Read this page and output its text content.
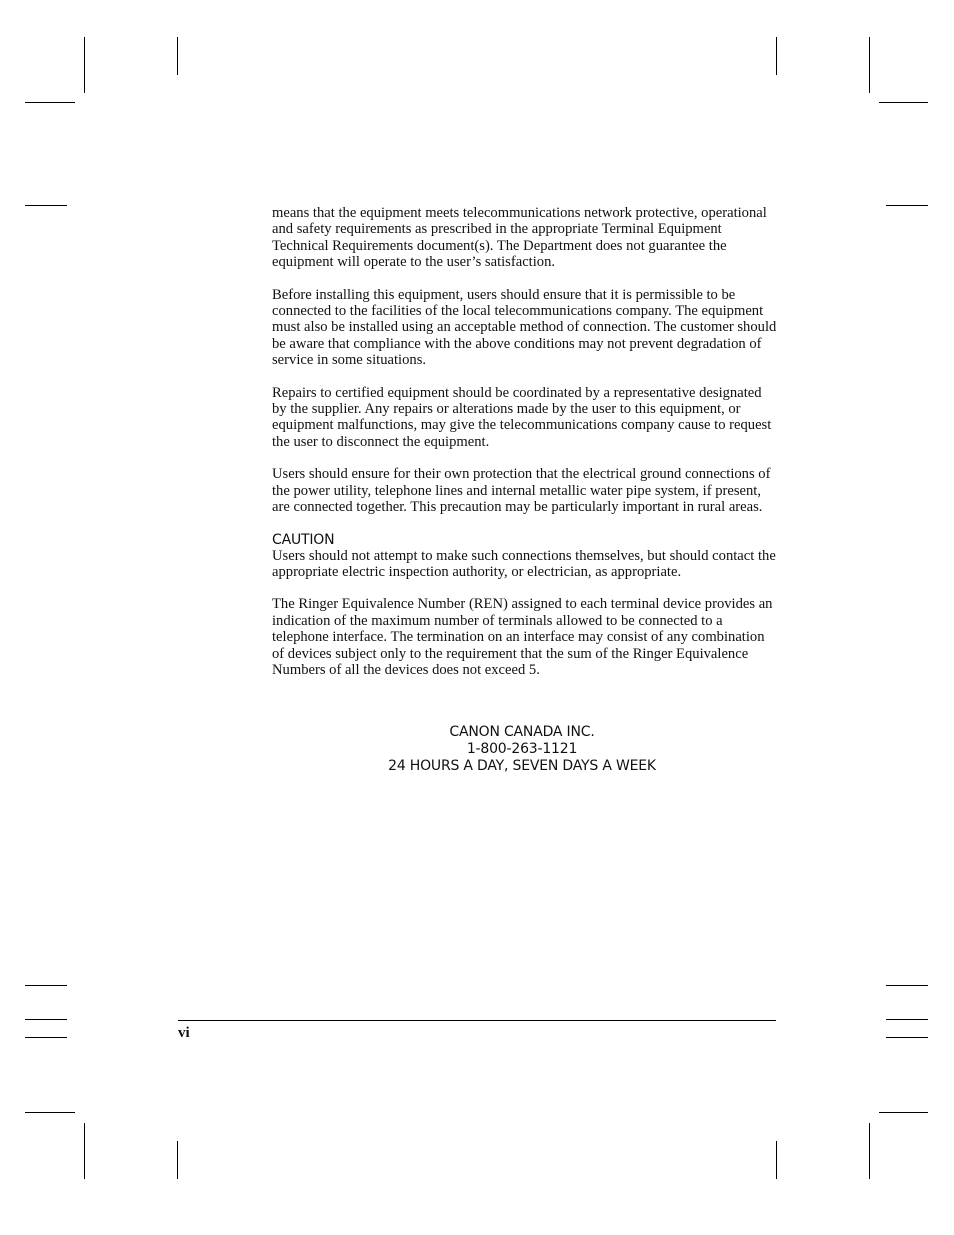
means that the equipment meets telecommunications network protective, operational and safety requirements as prescribed in the appropriate Terminal Equipment Technical Requirements document(s). The Department does not guarantee the equipment will operate to the user’s satisfaction.

Before installing this equipment, users should ensure that it is permissible to be connected to the facilities of the local telecommunications company. The equipment must also be installed using an acceptable method of connection. The customer should be aware that compliance with the above conditions may not prevent degradation of service in some situations.

Repairs to certified equipment should be coordinated by a representative designated by the supplier. Any repairs or alterations made by the user to this equipment, or equipment malfunctions, may give the telecommunications company cause to request the user to disconnect the equipment.

Users should ensure for their own protection that the electrical ground connections of the power utility, telephone lines and internal metallic water pipe system, if present, are connected together. This precaution may be particularly important in rural areas.

CAUTION

Users should not attempt to make such connections themselves, but should contact the appropriate electric inspection authority, or electrician, as appropriate.

The Ringer Equivalence Number (REN) assigned to each terminal device provides an indication of the maximum number of terminals allowed to be connected to a telephone interface. The termination on an interface may consist of any combination of devices subject only to the requirement that the sum of the Ringer Equivalence Numbers of all the devices does not exceed 5.

CANON CANADA INC.
1-800-263-1121
24 HOURS A DAY, SEVEN DAYS A WEEK
vi
